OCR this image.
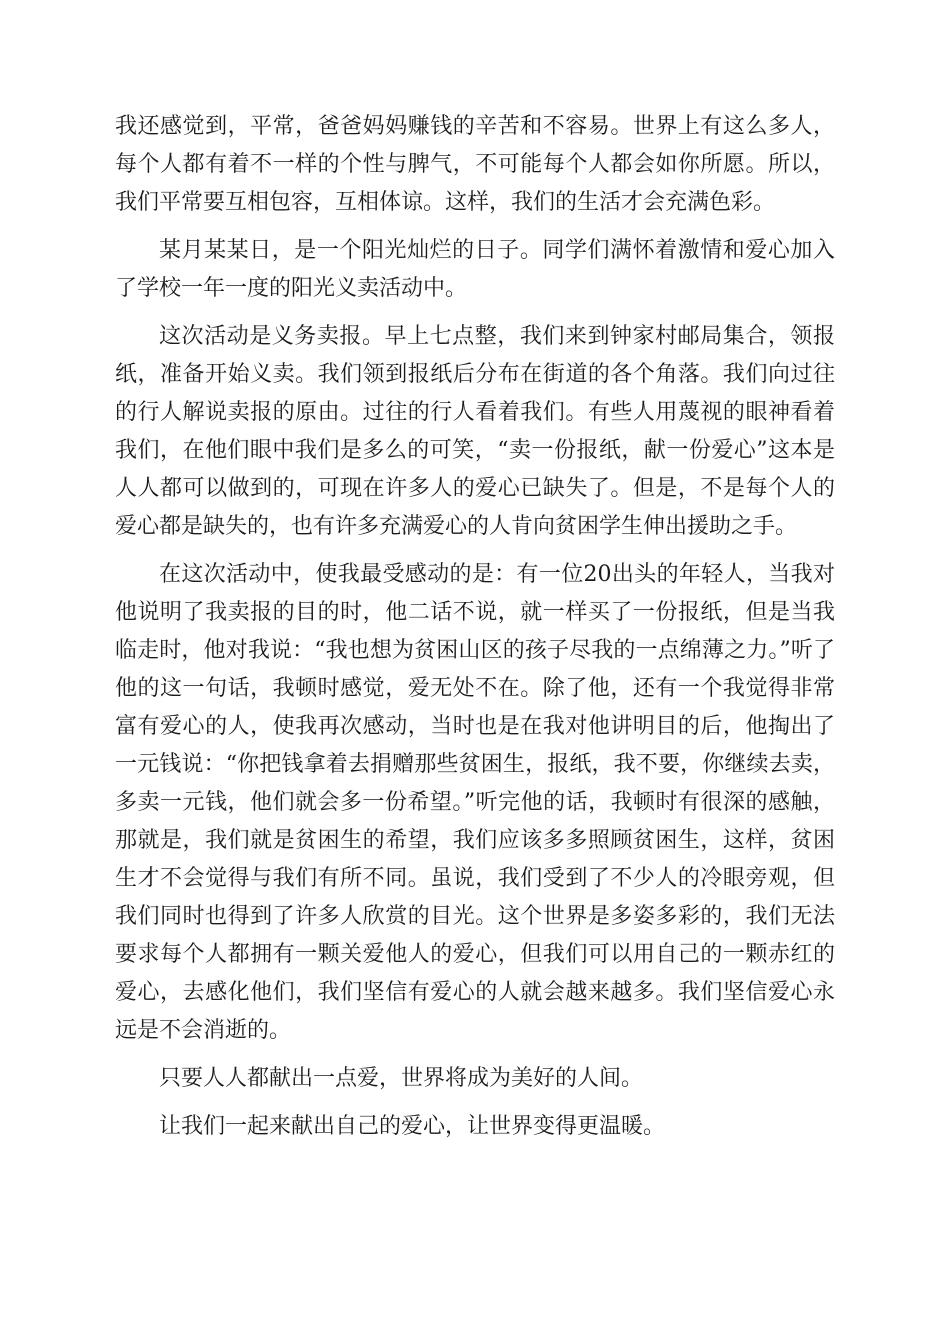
我还感觉到，平常，爸爸妈妈赚钱的辛苦和不容易。世界上有这么多人，每个人都有着不一样的个性与脾气，不可能每个人都会如你所愿。所以，我们平常要互相包容，互相体谅。这样，我们的生活才会充满色彩。

某月某某日，是一个阳光灿烂的日子。同学们满怀着激情和爱心加入了学校一年一度的阳光义卖活动中。

这次活动是义务卖报。早上七点整，我们来到钟家村邮局集合，领报纸，准备开始义卖。我们领到报纸后分布在街道的各个角落。我们向过往的行人解说卖报的原由。过往的行人看着我们。有些人用蔑视的眼神看着我们，在他们眼中我们是多么的可笑，“卖一份报纸，献一份爱心”这本是人人都可以做到的，可现在许多人的爱心已缺失了。但是，不是每个人的爱心都是缺失的，也有许多充满爱心的人肯向贫困学生伸出援助之手。

在这次活动中，使我最受感动的是：有一位20出头的年轻人，当我对他说明了我卖报的目的时，他二话不说，就一样买了一份报纸，但是当我临走时，他对我说：“我也想为贫困山区的孩子尽我的一点绵薄之力。”听了他的这一句话，我顿时感觉，爱无处不在。除了他，还有一个我觉得非常富有爱心的人，使我再次感动，当时也是在我对他讲明目的后，他掏出了一元钱说：“你把钱拿着去捐赠那些贫困生，报纸，我不要，你继续去卖，多卖一元钱，他们就会多一份希望。”听完他的话，我顿时有很深的感触，那就是，我们就是贫困生的希望，我们应该多多照顾贫困生，这样，贫困生才不会觉得与我们有所不同。虽说，我们受到了不少人的冷眼旁观，但我们同时也得到了许多人欣赏的目光。这个世界是多姿多彩的，我们无法要求每个人都拥有一颗关爱他人的爱心，但我们可以用自己的一颗赤红的爱心，去感化他们，我们坚信有爱心的人就会越来越多。我们坚信爱心永远是不会消逝的。

只要人人都献出一点爱，世界将成为美好的人间。

让我们一起来献出自己的爱心，让世界变得更温暖。
